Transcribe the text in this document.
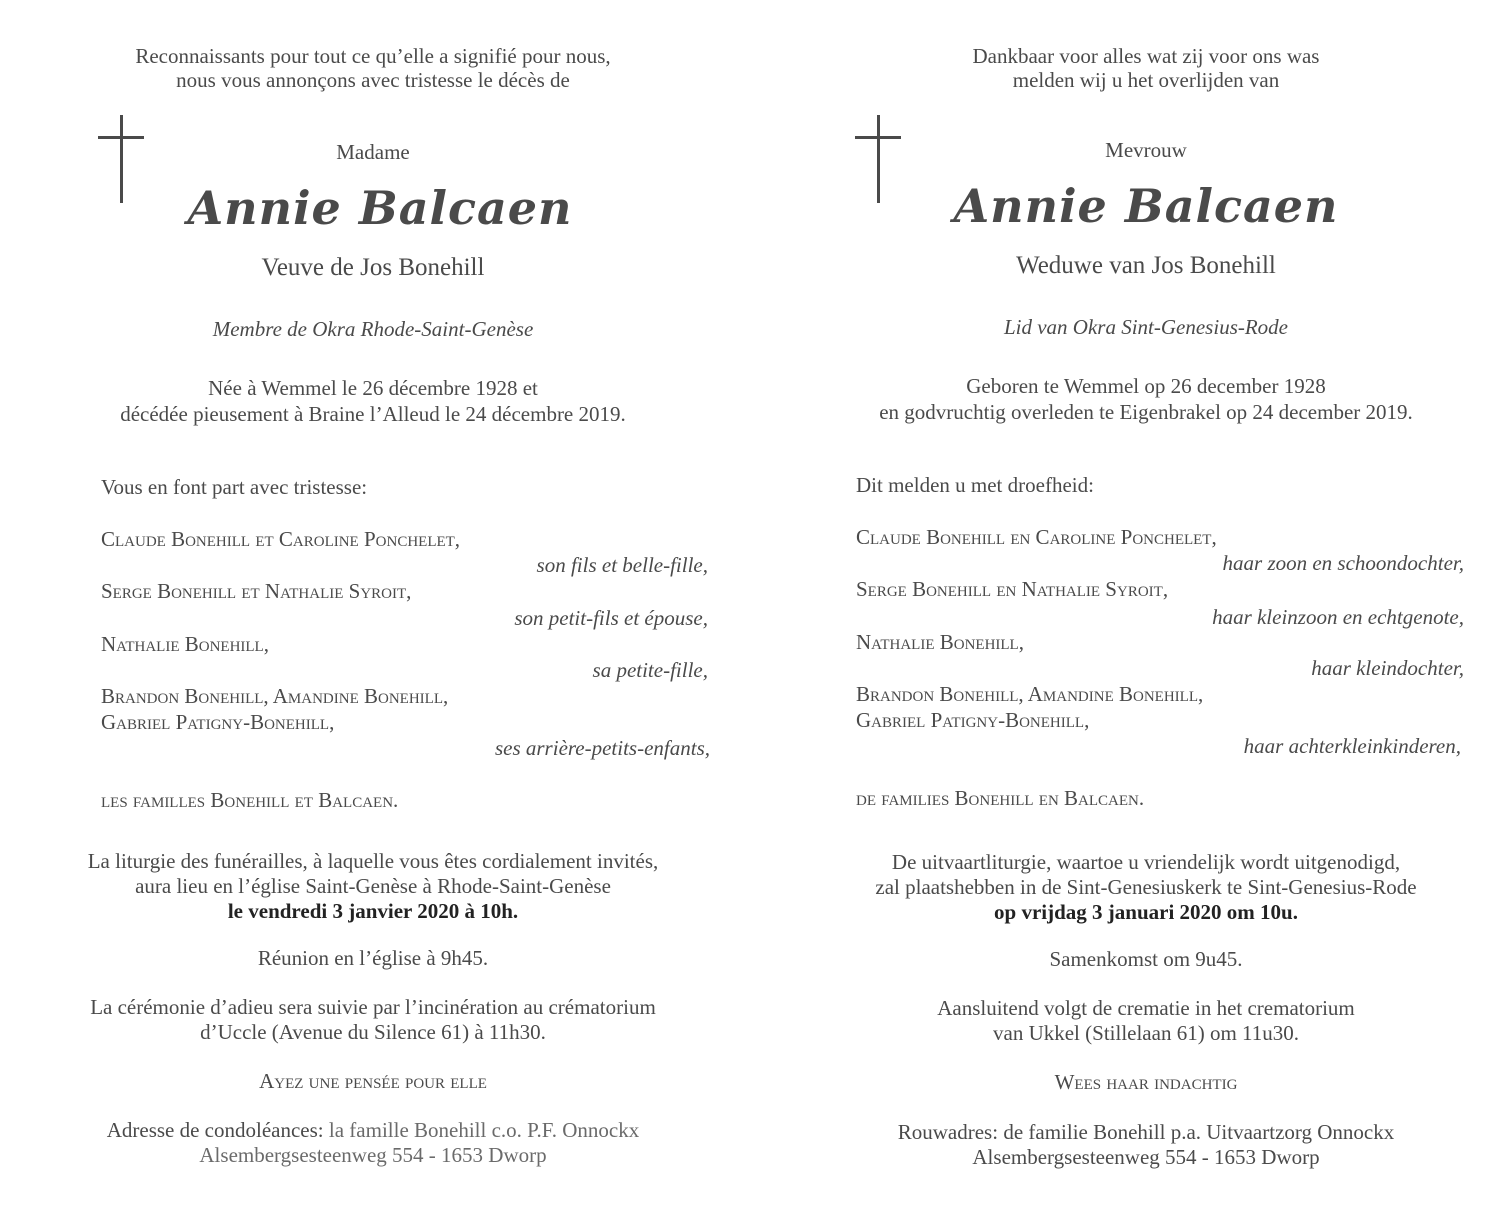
Reconnaissants pour tout ce qu’elle a signifié pour nous,
nous vous annonçons avec tristesse le décès de
Madame
Annie Balcaen
Veuve de Jos Bonehill
Membre de Okra Rhode-Saint-Genèse
Née à Wemmel le 26 décembre 1928 et
décédée pieusement à Braine l’Alleud le 24 décembre 2019.
Vous en font part avec tristesse:
Claude Bonehill et Caroline Ponchelet,
son fils et belle-fille,
Serge Bonehill et Nathalie Syroit,
son petit-fils et épouse,
Nathalie Bonehill,
sa petite-fille,
Brandon Bonehill, Amandine Bonehill,
Gabriel Patigny-Bonehill,
ses arrière-petits-enfants,
les familles Bonehill et Balcaen.
La liturgie des funérailles, à laquelle vous êtes cordialement invités,
aura lieu en l’église Saint-Genèse à Rhode-Saint-Genèse
le vendredi 3 janvier 2020 à 10h.
Réunion en l’église à 9h45.
La cérémonie d’adieu sera suivie par l’incinération au crématorium
d’Uccle (Avenue du Silence 61) à 11h30.
Ayez une pensée pour elle
Adresse de condoléances: la famille Bonehill c.o. P.F. Onnockx
Alsembergsesteenweg 554 - 1653 Dworp
Dankbaar voor alles wat zij voor ons was
melden wij u het overlijden van
Mevrouw
Annie Balcaen
Weduwe van Jos Bonehill
Lid van Okra Sint-Genesius-Rode
Geboren te Wemmel op 26 december 1928
en godvruchtig overleden te Eigenbrakel op 24 december 2019.
Dit melden u met droefheid:
Claude Bonehill en Caroline Ponchelet,
haar zoon en schoondochter,
Serge Bonehill en Nathalie Syroit,
haar kleinzoon en echtgenote,
Nathalie Bonehill,
haar kleindochter,
Brandon Bonehill, Amandine Bonehill,
Gabriel Patigny-Bonehill,
haar achterkleinkinderen,
de families Bonehill en Balcaen.
De uitvaartliturgie, waartoe u vriendelijk wordt uitgenodigd,
zal plaatshebben in de Sint-Genesiuskerk te Sint-Genesius-Rode
op vrijdag 3 januari 2020 om 10u.
Samenkomst om 9u45.
Aansluitend volgt de crematie in het crematorium
van Ukkel (Stillelaan 61) om 11u30.
Wees haar indachtig
Rouwadres: de familie Bonehill p.a. Uitvaartzorg Onnockx
Alsembergsesteenweg 554 - 1653 Dworp
